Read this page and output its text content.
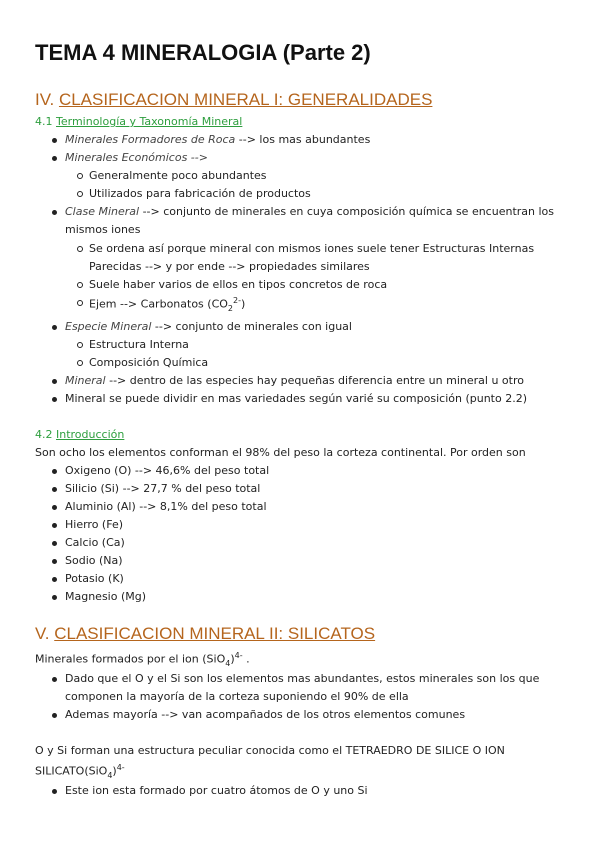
TEMA 4 MINERALOGIA (Parte 2)
IV. CLASIFICACION MINERAL I: GENERALIDADES
4.1 Terminología y Taxonomía Mineral
Minerales Formadores de Roca --> los mas abundantes
Minerales Económicos -->
Generalmente poco abundantes
Utilizados para fabricación de productos
Clase Mineral --> conjunto de minerales en cuya composición química se encuentran los
mismos iones
Se ordena así porque mineral con mismos iones suele tener Estructuras Internas
Parecidas --> y por ende --> propiedades similares
Suele haber varios de ellos en tipos concretos de roca
Ejem --> Carbonatos $(CO_2^{2-})$
Especie Mineral --> conjunto de minerales con igual
Estructura Interna
Composición Química
Mineral --> dentro de las especies hay pequeñas diferencia entre un mineral u otro
Mineral se puede dividir en mas variedades según varié su composición (punto 2.2)
4.2 Introducción
Son ocho los elementos conforman el 98% del peso la corteza continental. Por orden son
Oxigeno (O) --> 46,6% del peso total
Silicio (Si) --> 27,7 % del peso total
Aluminio (Al) --> 8,1% del peso total
Hierro (Fe)
Calcio (Ca)
Sodio (Na)
Potasio (K)
Magnesio (Mg)
V. CLASIFICACION MINERAL II: SILICATOS
Minerales formados por el ion $(SiO_4)^{4-}$ .
Dado que el O y el Si son los elementos mas abundantes, estos minerales son los que
componen la mayoría de la corteza suponiendo el 90% de ella
Ademas mayoría --> van acompañados de los otros elementos comunes
O y Si forman una estructura peculiar conocida como el TETRAEDRO DE SILICE O ION
$SILICATO(SiO_4)^{4-}$
Este ion esta formado por cuatro átomos de O y uno Si
